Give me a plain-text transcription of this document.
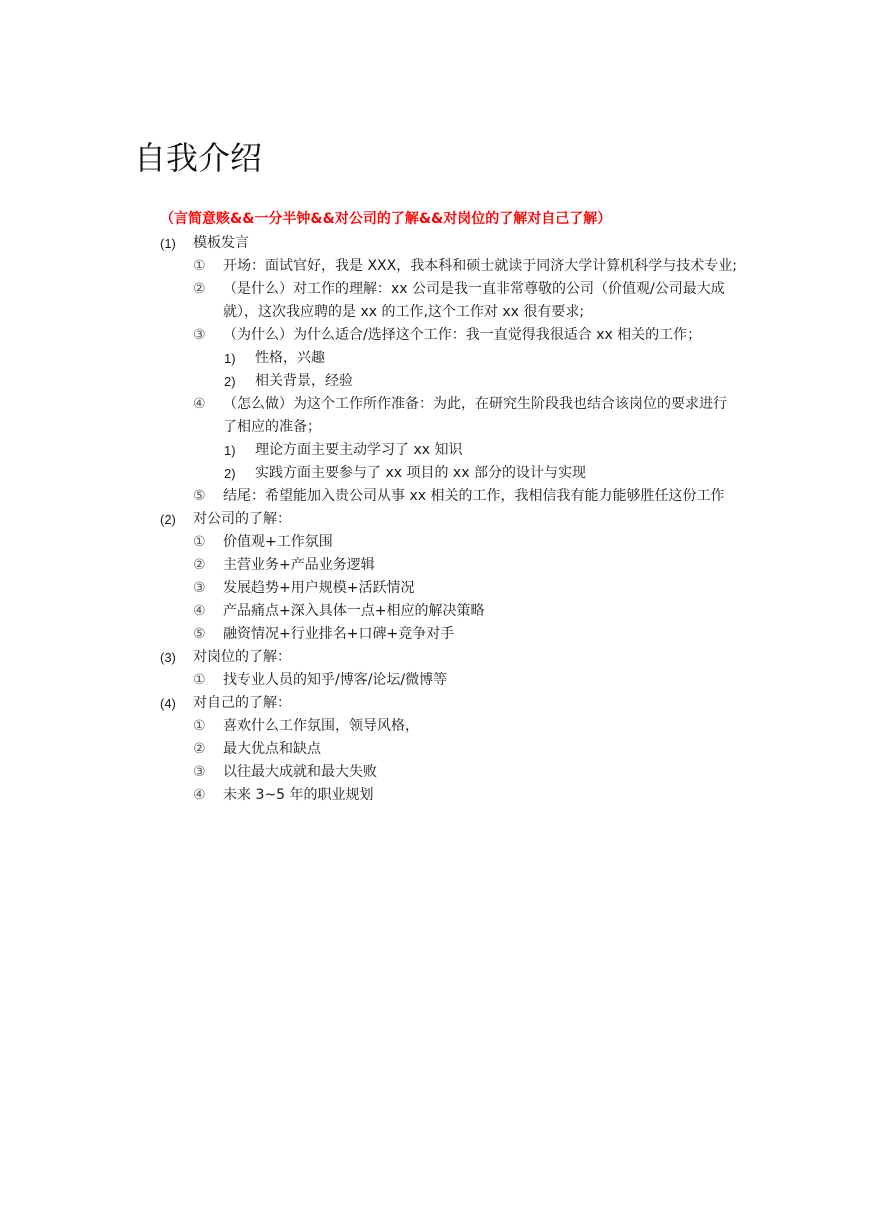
自我介绍
（言简意赅&&一分半钟&&对公司的了解&&对岗位的了解对自己了解）
(1) 模板发言
①	开场：面试官好，我是 XXX，我本科和硕士就读于同济大学计算机科学与技术专业;
②	（是什么）对工作的理解：xx 公司是我一直非常尊敬的公司（价值观/公司最大成就），这次我应聘的是 xx 的工作,这个工作对 xx 很有要求;
③	（为什么）为什么适合/选择这个工作：我一直觉得我很适合 xx 相关的工作；
1) 性格，兴趣
2) 相关背景，经验
④	（怎么做）为这个工作所作准备：为此，在研究生阶段我也结合该岗位的要求进行了相应的准备；
1) 理论方面主要主动学习了 xx 知识
2) 实践方面主要参与了 xx 项目的 xx 部分的设计与实现
⑤	结尾：希望能加入贵公司从事 xx 相关的工作，我相信我有能力能够胜任这份工作
(2) 对公司的了解：
①	价值观+工作氛围
②	主营业务+产品业务逻辑
③	发展趋势+用户规模+活跃情况
④	产品痛点+深入具体一点+相应的解决策略
⑤	融资情况+行业排名+口碑+竞争对手
(3) 对岗位的了解：
①	找专业人员的知乎/博客/论坛/微博等
(4) 对自己的了解：
①	喜欢什么工作氛围，领导风格，
②	最大优点和缺点
③	以往最大成就和最大失败
④	未来 3~5 年的职业规划
